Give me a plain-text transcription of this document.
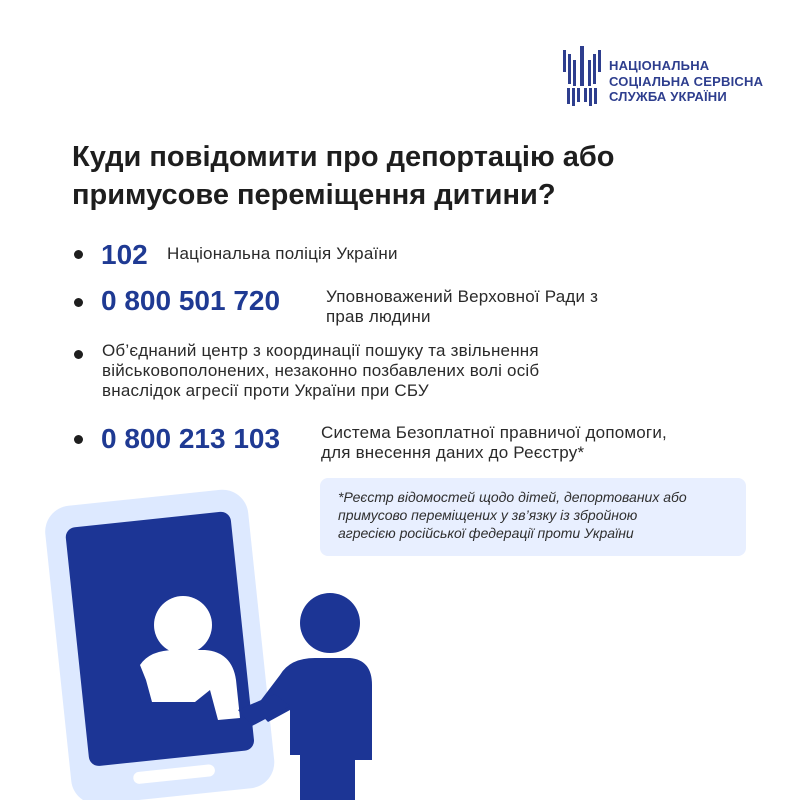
НАЦІОНАЛЬНА
СОЦІАЛЬНА СЕРВІСНА
СЛУЖБА УКРАЇНИ
Куди повідомити про депортацію або
примусове переміщення дитини?
102 Національна поліція України
0 800 501 720	Уповноважений Верховної Ради з
прав людини
Об’єднаний центр з координації пошуку та звільнення
військовополонених, незаконно позбавлених волі осіб
внаслідок агресії проти України при СБУ
0 800 213 103 Система Безоплатної правничої допомоги,
для внесення даних до Реєстру*
*Реєстр відомостей щодо дітей, депортованих або
примусово переміщених у зв’язку із збройною
агресією російської федерації проти України
